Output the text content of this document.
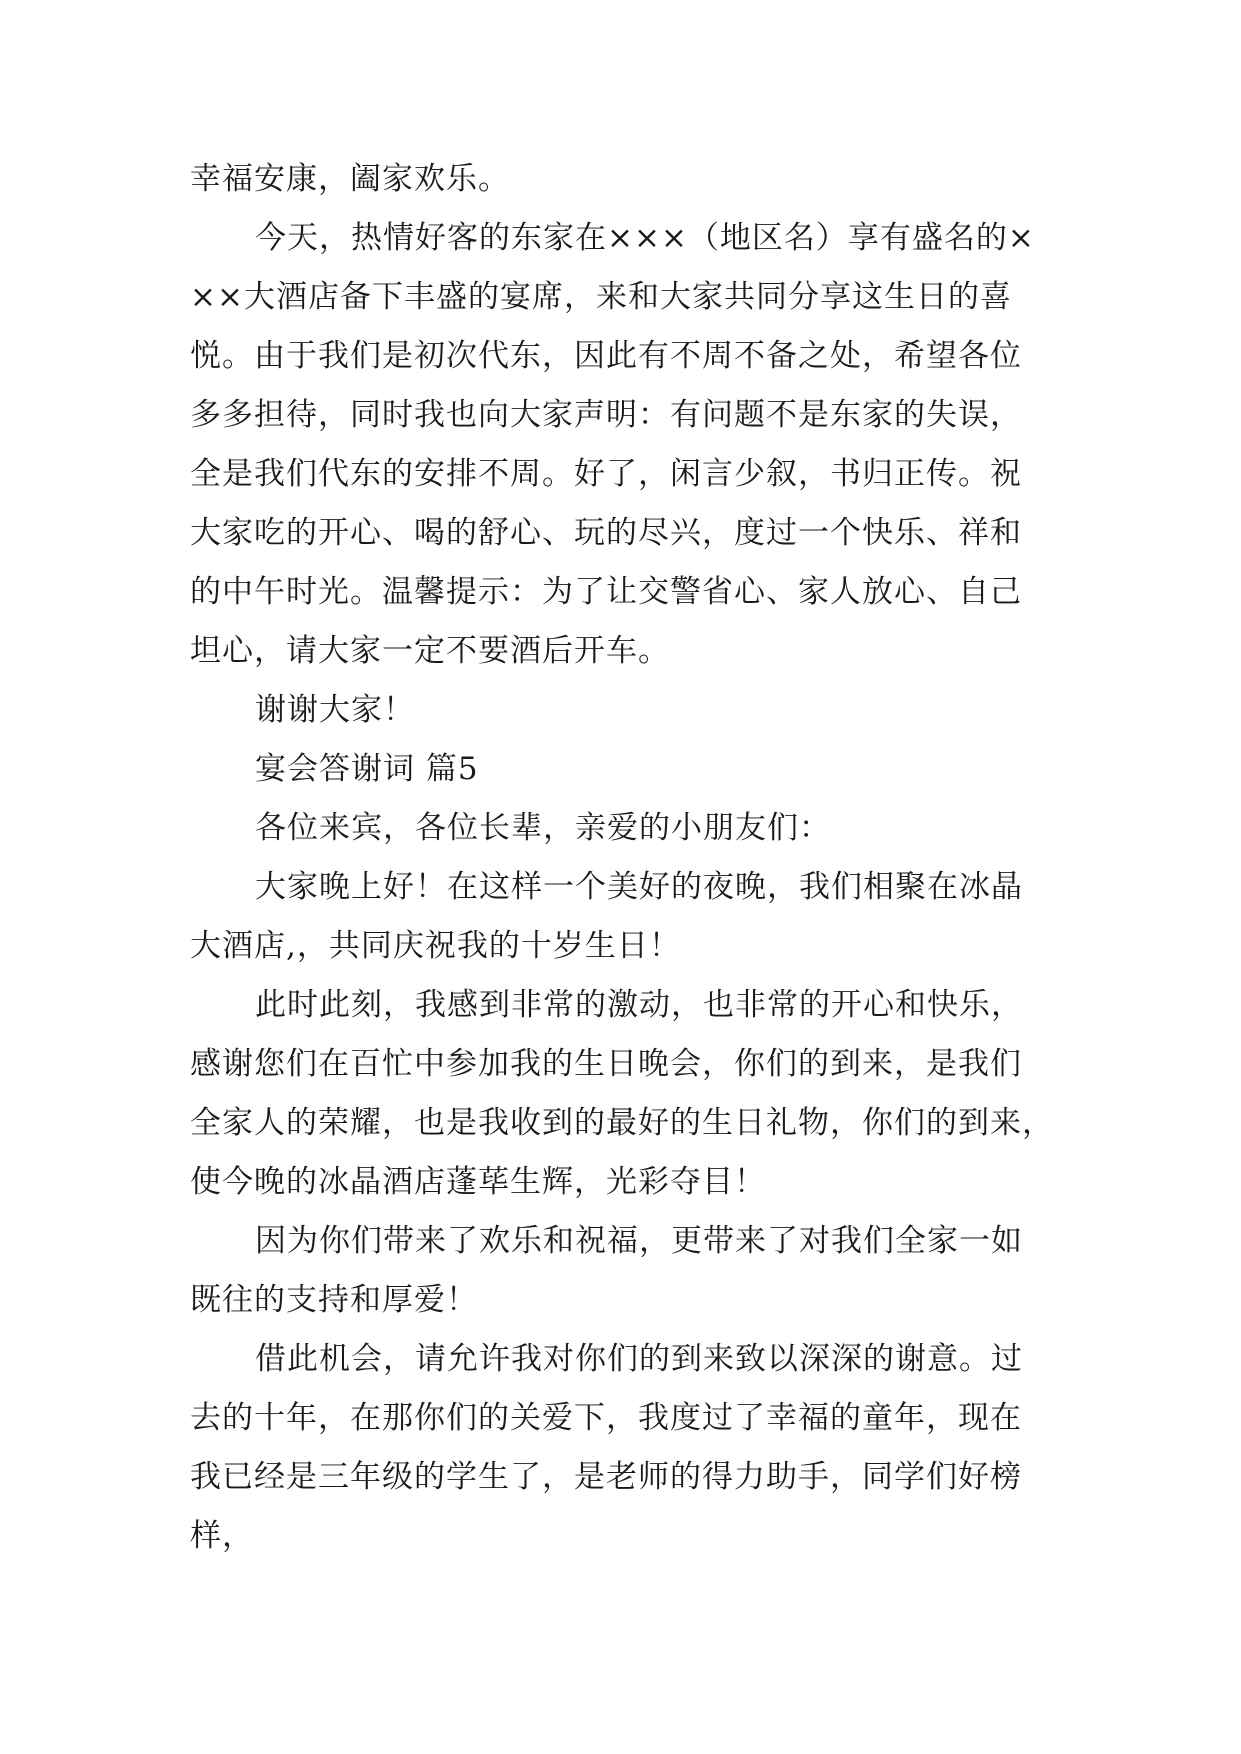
幸福安康，阖家欢乐。
今天，热情好客的东家在×××（地区名）享有盛名的×
××大酒店备下丰盛的宴席，来和大家共同分享这生日的喜
悦。由于我们是初次代东，因此有不周不备之处，希望各位
多多担待，同时我也向大家声明：有问题不是东家的失误，
全是我们代东的安排不周。好了，闲言少叙，书归正传。祝
大家吃的开心、喝的舒心、玩的尽兴，度过一个快乐、祥和
的中午时光。温馨提示：为了让交警省心、家人放心、自己
坦心，请大家一定不要酒后开车。
谢谢大家！
宴会答谢词 篇5
各位来宾，各位长辈，亲爱的小朋友们：
大家晚上好！在这样一个美好的夜晚，我们相聚在冰晶
大酒店,，共同庆祝我的十岁生日！
此时此刻，我感到非常的激动，也非常的开心和快乐，
感谢您们在百忙中参加我的生日晚会，你们的到来，是我们
全家人的荣耀，也是我收到的最好的生日礼物，你们的到来，
使今晚的冰晶酒店蓬荜生辉，光彩夺目！
因为你们带来了欢乐和祝福，更带来了对我们全家一如
既往的支持和厚爱！
借此机会，请允许我对你们的到来致以深深的谢意。过
去的十年，在那你们的关爱下，我度过了幸福的童年，现在
我已经是三年级的学生了，是老师的得力助手，同学们好榜
样，
